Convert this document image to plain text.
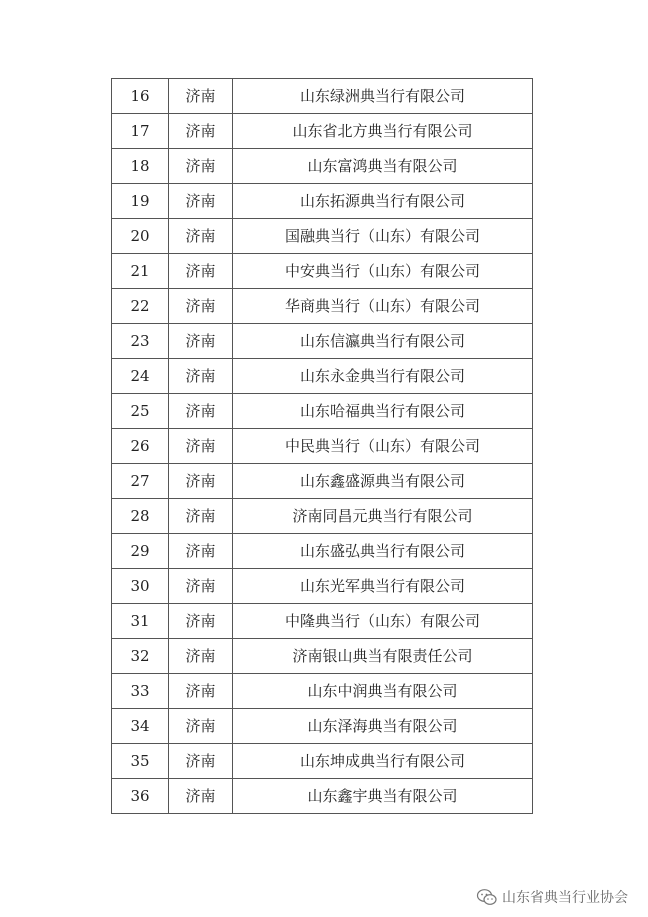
16	济南	山东绿洲典当行有限公司
17	济南	山东省北方典当行有限公司
18	济南	山东富鸿典当有限公司
19	济南	山东拓源典当行有限公司
20	济南	国融典当行（山东）有限公司
21	济南	中安典当行（山东）有限公司
22	济南	华商典当行（山东）有限公司
23	济南	山东信瀛典当行有限公司
24	济南	山东永金典当行有限公司
25	济南	山东哈福典当行有限公司
26	济南	中民典当行（山东）有限公司
27	济南	山东鑫盛源典当有限公司
28	济南	济南同昌元典当行有限公司
29	济南	山东盛弘典当行有限公司
30	济南	山东光军典当行有限公司
31	济南	中隆典当行（山东）有限公司
32	济南	济南银山典当有限责任公司
33	济南	山东中润典当有限公司
34	济南	山东泽海典当有限公司
35	济南	山东坤成典当行有限公司
36	济南	山东鑫宇典当有限公司
山东省典当行业协会
